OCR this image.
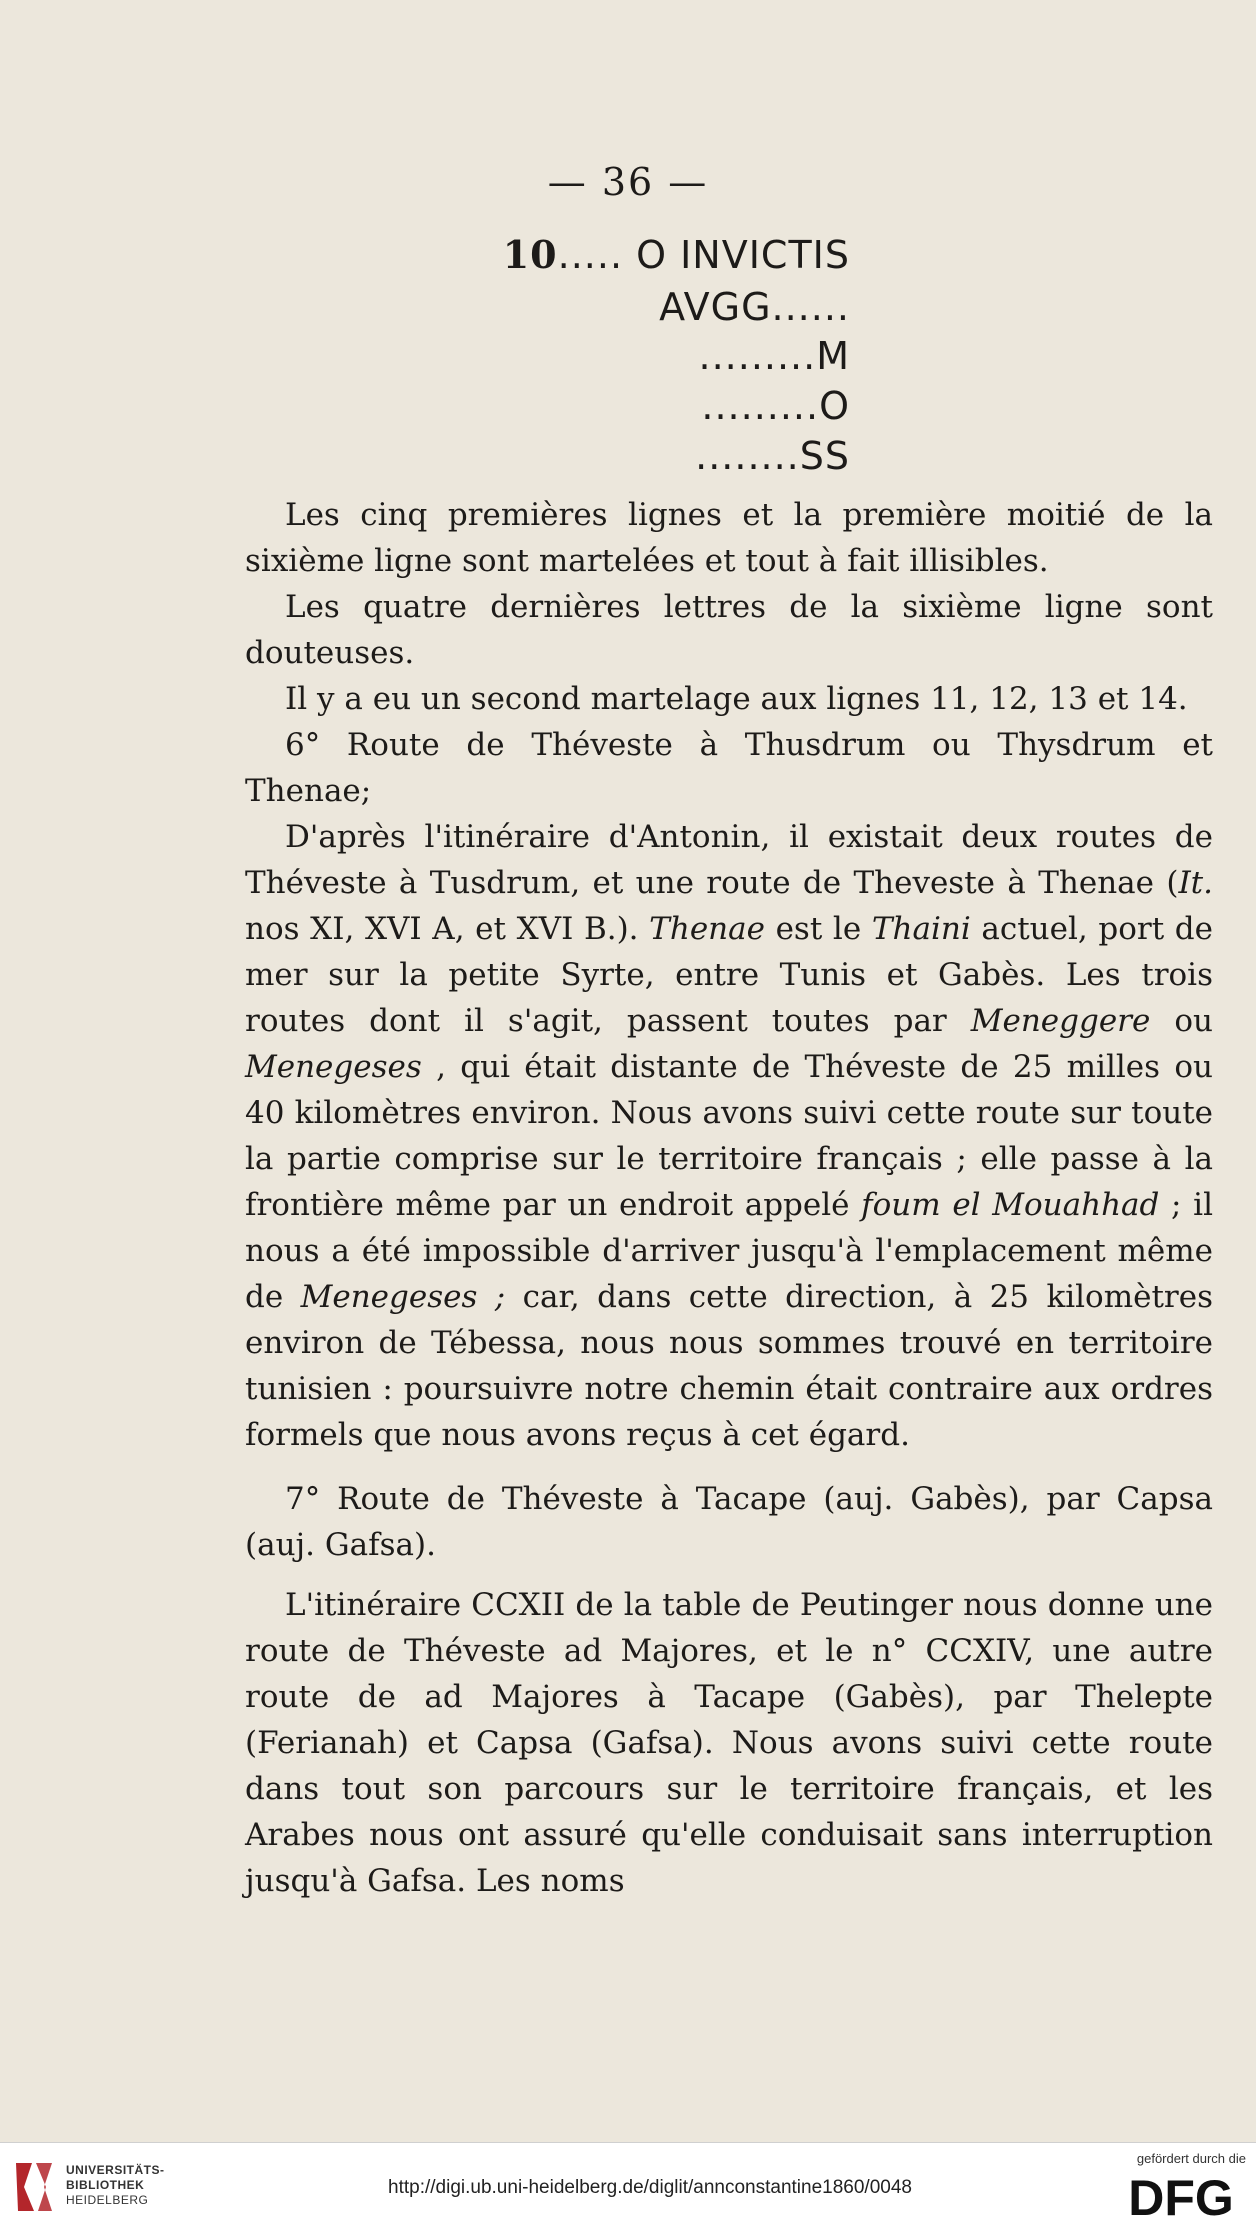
— 36 —
10..... O INVICTIS
AVGG......
.........M
.........O
........SS

Les cinq premières lignes et la première moitié de la sixième ligne sont martelées et tout à fait illisibles.

Les quatre dernières lettres de la sixième ligne sont douteuses.

Il y a eu un second martelage aux lignes 11, 12, 13 et 14.

6° Route de Théveste à Thusdrum ou Thysdrum et Thenae;

D'après l'itinéraire d'Antonin, il existait deux routes de Théveste à Tusdrum, et une route de Theveste à Thenae (It. nos XI, XVI A, et XVI B.). Thenae est le Thaini actuel, port de mer sur la petite Syrte, entre Tunis et Gabès. Les trois routes dont il s'agit, passent toutes par Meneggere ou Menegeses , qui était distante de Théveste de 25 milles ou 40 kilomètres environ. Nous avons suivi cette route sur toute la partie comprise sur le territoire français ; elle passe à la frontière même par un endroit appelé foum el Mouahhad ; il nous a été impossible d'arriver jusqu'à l'emplacement même de Menegeses ; car, dans cette direction, à 25 kilomètres environ de Tébessa, nous nous sommes trouvé en territoire tunisien : poursuivre notre chemin était contraire aux ordres formels que nous avons reçus à cet égard.

7° Route de Théveste à Tacape (auj. Gabès), par Capsa (auj. Gafsa).

L'itinéraire CCXII de la table de Peutinger nous donne une route de Théveste ad Majores, et le n° CCXIV, une autre route de ad Majores à Tacape (Gabès), par Thelepte (Ferianah) et Capsa (Gafsa). Nous avons suivi cette route dans tout son parcours sur le territoire français, et les Arabes nous ont assuré qu'elle conduisait sans interruption jusqu'à Gafsa. Les noms

UNIVERSITÄTS-
BIBLIOTHEK
HEIDELBERG
http://digi.ub.uni-heidelberg.de/diglit/annconstantine1860/0048
gefördert durch die
DFG
